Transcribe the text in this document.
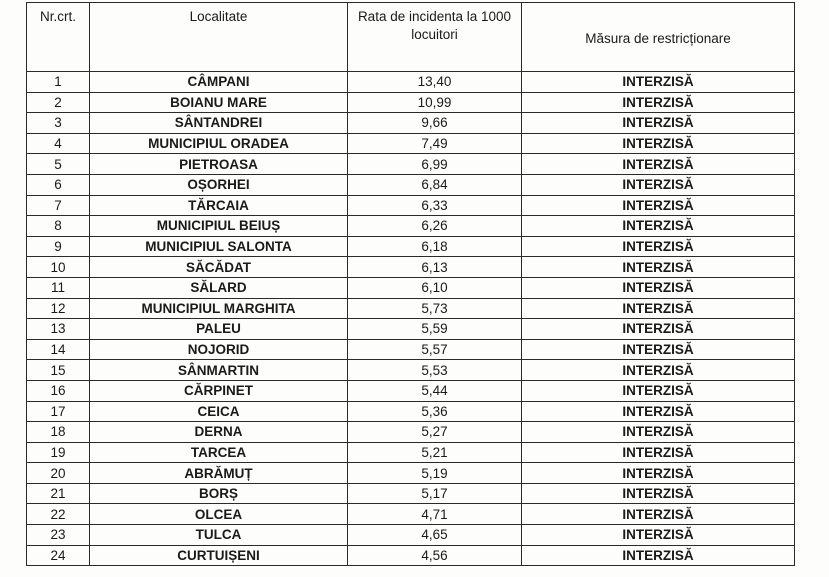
Nr.crt.	Localitate	Rata de incidenta la 1000 locuitori	Măsura de restricționare
1	CÂMPANI	13,40	INTERZISĂ
2	BOIANU MARE	10,99	INTERZISĂ
3	SÂNTANDREI	9,66	INTERZISĂ
4	MUNICIPIUL ORADEA	7,49	INTERZISĂ
5	PIETROASA	6,99	INTERZISĂ
6	OȘORHEI	6,84	INTERZISĂ
7	TĂRCAIA	6,33	INTERZISĂ
8	MUNICIPIUL BEIUȘ	6,26	INTERZISĂ
9	MUNICIPIUL SALONTA	6,18	INTERZISĂ
10	SĂCĂDAT	6,13	INTERZISĂ
11	SĂLARD	6,10	INTERZISĂ
12	MUNICIPIUL MARGHITA	5,73	INTERZISĂ
13	PALEU	5,59	INTERZISĂ
14	NOJORID	5,57	INTERZISĂ
15	SÂNMARTIN	5,53	INTERZISĂ
16	CĂRPINET	5,44	INTERZISĂ
17	CEICA	5,36	INTERZISĂ
18	DERNA	5,27	INTERZISĂ
19	TARCEA	5,21	INTERZISĂ
20	ABRĂMUȚ	5,19	INTERZISĂ
21	BORȘ	5,17	INTERZISĂ
22	OLCEA	4,71	INTERZISĂ
23	TULCA	4,65	INTERZISĂ
24	CURTUIȘENI	4,56	INTERZISĂ
